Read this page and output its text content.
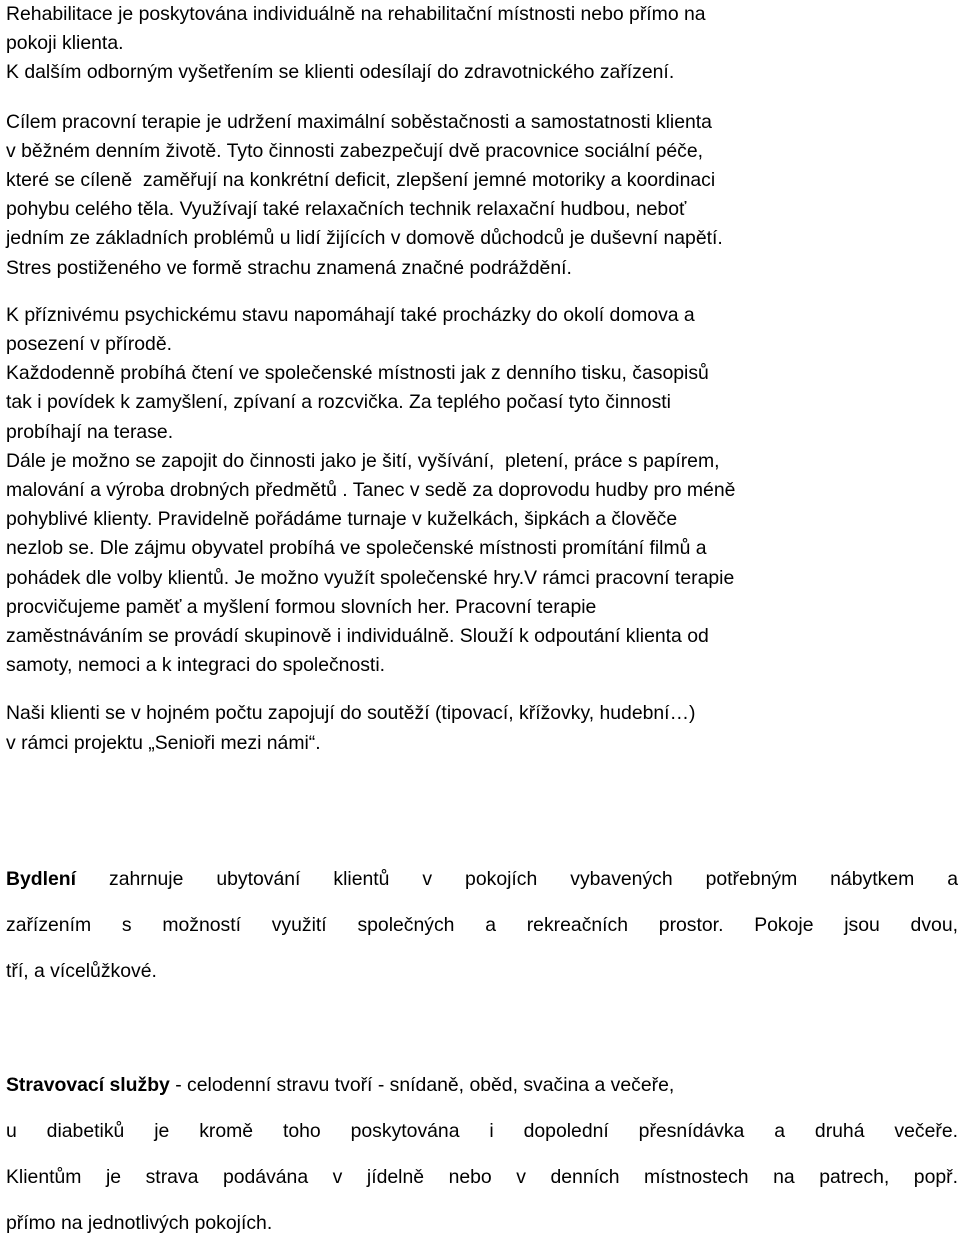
Rehabilitace je poskytována individuálně na rehabilitační místnosti nebo přímo na

pokoji klienta.

K dalším odborným vyšetřením se klienti odesílají do zdravotnického zařízení.

Cílem pracovní terapie je udržení maximální soběstačnosti a samostatnosti klienta

v běžném denním životě. Tyto činnosti zabezpečují dvě pracovnice sociální péče,

které se cíleně  zaměřují na konkrétní deficit, zlepšení jemné motoriky a koordinaci

pohybu celého těla. Využívají také relaxačních technik relaxační hudbou, neboť

jedním ze základních problémů u lidí žijících v domově důchodců je duševní napětí.

Stres postiženého ve formě strachu znamená značné podráždění.

K příznivému psychickému stavu napomáhají také procházky do okolí domova a

posezení v přírodě.

Každodenně probíhá čtení ve společenské místnosti jak z denního tisku, časopisů

tak i povídek k zamyšlení, zpívaní a rozcvička. Za teplého počasí tyto činnosti

probíhají na terase.

Dále je možno se zapojit do činnosti jako je šití, vyšívání,  pletení, práce s papírem,

malování a výroba drobných předmětů . Tanec v sedě za doprovodu hudby pro méně

pohyblivé klienty. Pravidelně pořádáme turnaje v kuželkách, šipkách a člověče

nezlob se. Dle zájmu obyvatel probíhá ve společenské místnosti promítání filmů a

pohádek dle volby klientů. Je možno využít společenské hry.V rámci pracovní terapie

procvičujeme paměť a myšlení formou slovních her. Pracovní terapie

zaměstnáváním se provádí skupinově i individuálně. Slouží k odpoutání klienta od

samoty, nemoci a k integraci do společnosti.

Naši klienti se v hojném počtu zapojují do soutěží (tipovací, křížovky, hudební…)

v rámci projektu „Senioři mezi námi“.

Bydlení zahrnuje ubytování klientů v pokojích vybavených potřebným nábytkem a
zařízením s možností využití společných a rekreačních prostor. Pokoje jsou dvou,
tří, a vícelůžkové.
Stravovací služby - celodenní stravu tvoří - snídaně, oběd, svačina a večeře,
u diabetiků je kromě toho poskytována i dopolední přesnídávka a druhá večeře.
Klientům je strava podávána v jídelně nebo v denních místnostech na patrech, popř.
přímo na jednotlivých pokojích.
